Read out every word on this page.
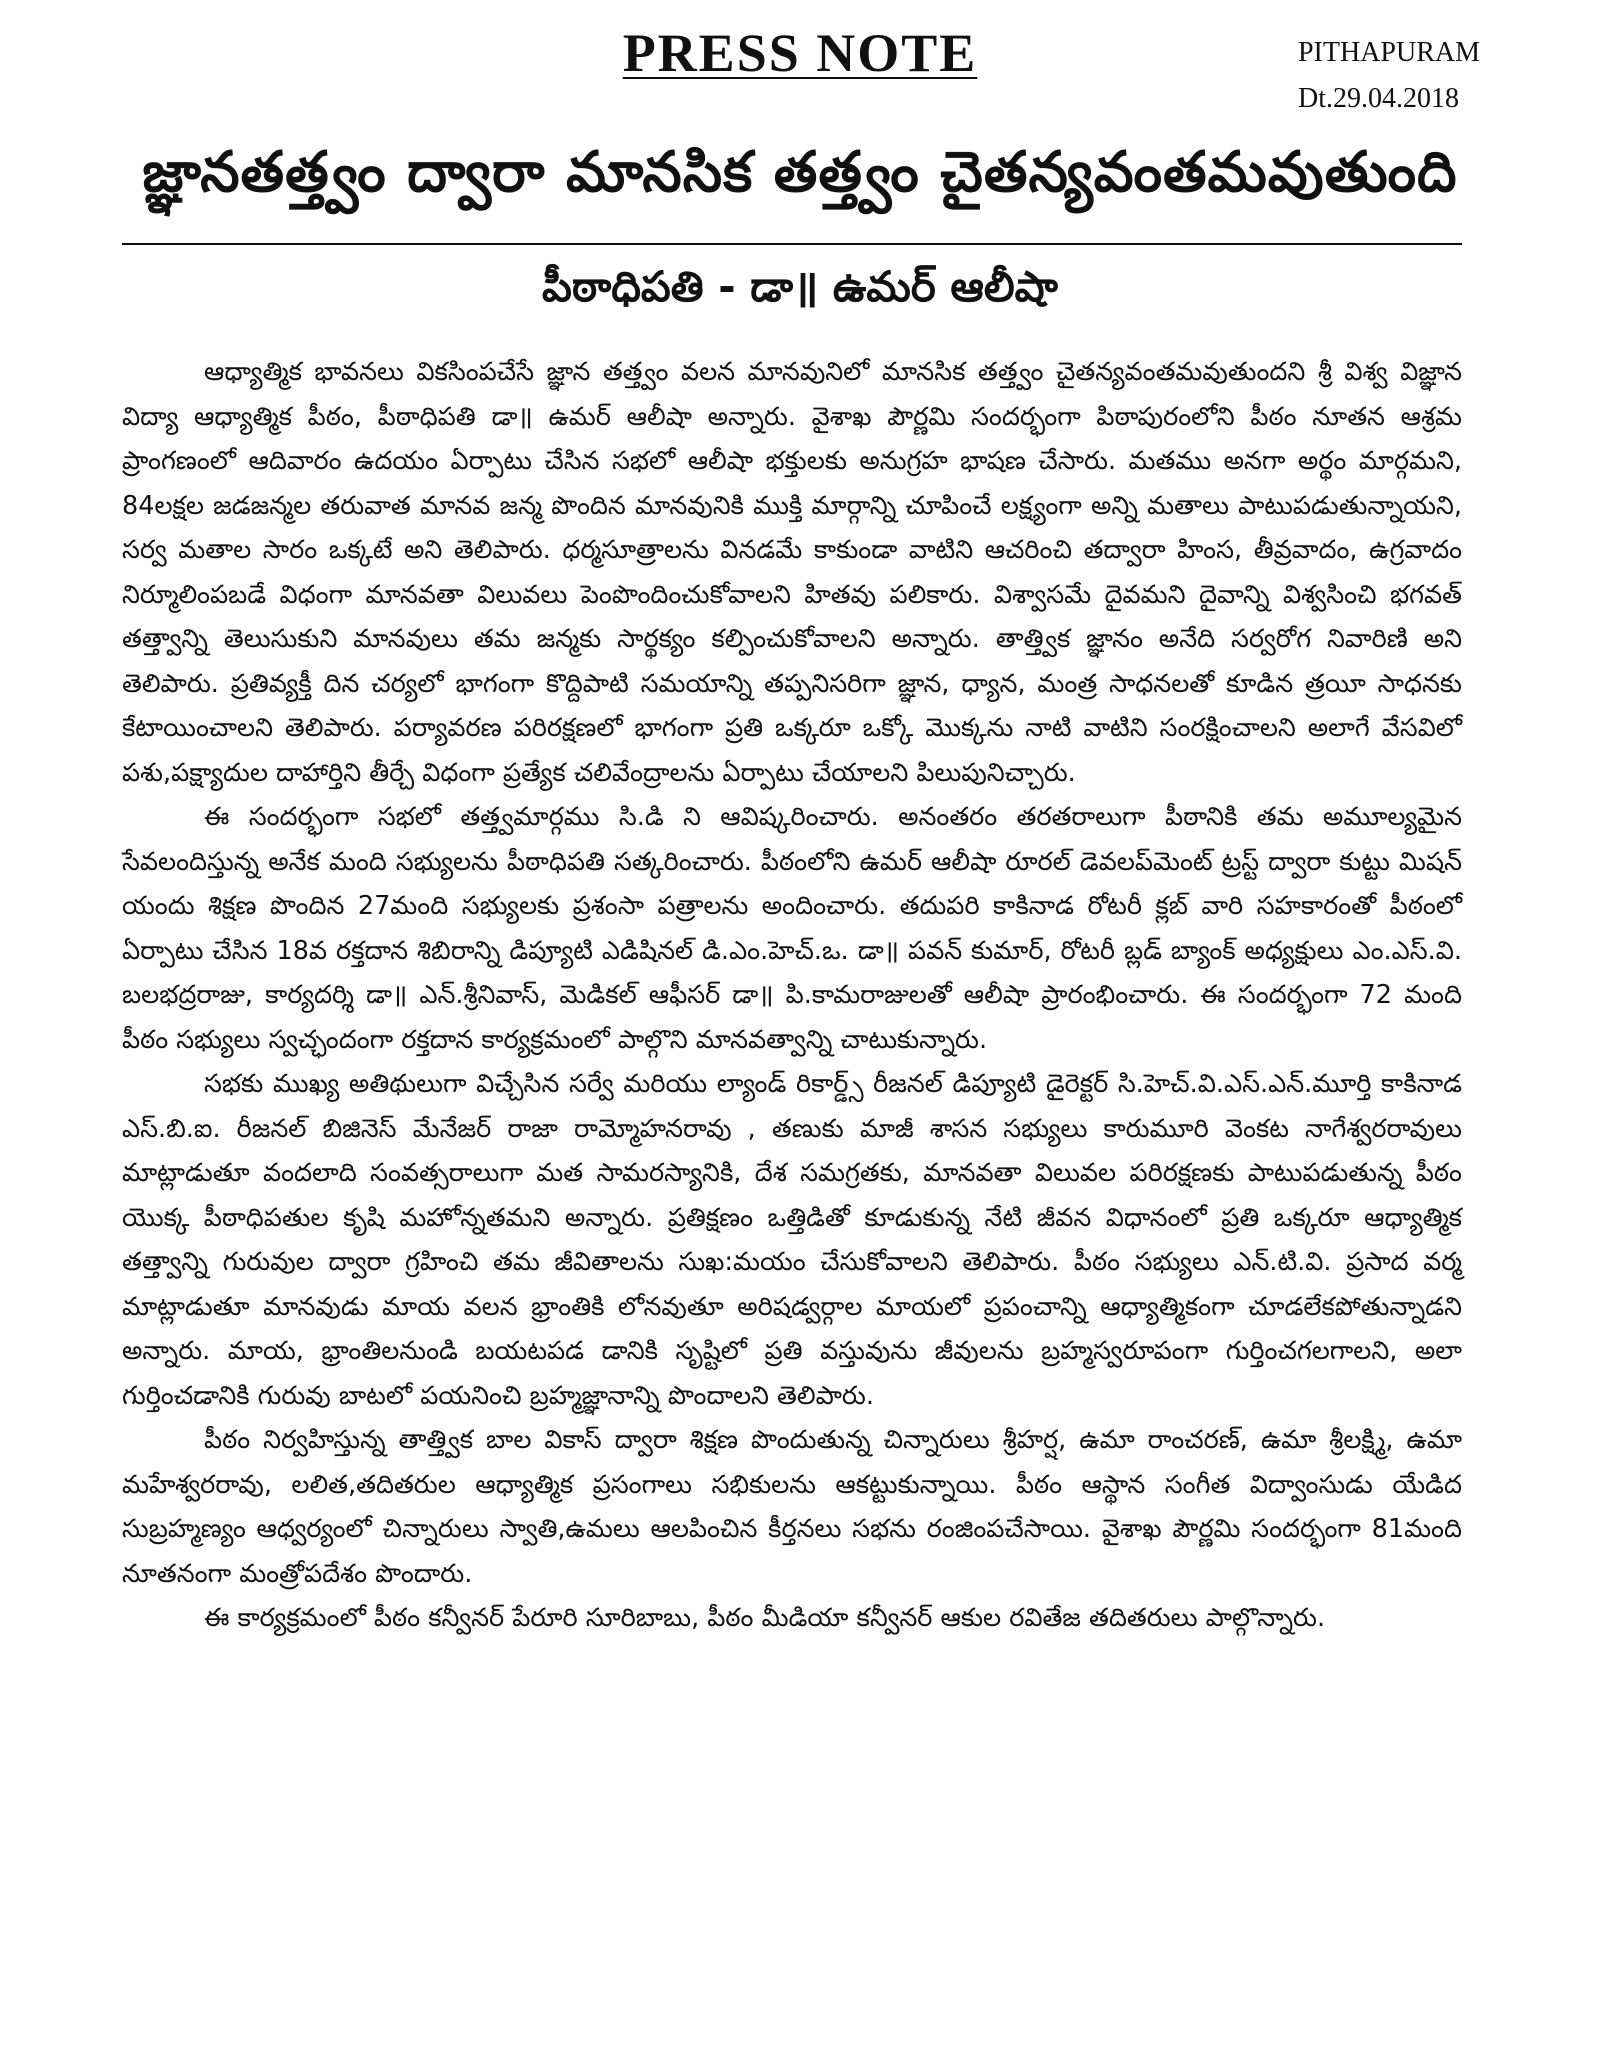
PRESS NOTE	PITHAPURAM
Dt.29.04.2018
జ్ఞానతత్త్వం ద్వారా మానసిక తత్త్వం చైతన్యవంతమవుతుంది
పీఠాధిపతి - డా॥ ఉమర్ ఆలీషా

ఆధ్యాత్మిక భావనలు వికసింపచేసే జ్ఞాన తత్త్వం వలన మానవునిలో మానసిక తత్త్వం చైతన్యవంతమవుతుందని శ్రీ విశ్వ విజ్ఞాన విద్యా ఆధ్యాత్మిక పీఠం, పీఠాధిపతి డా॥ ఉమర్ ఆలీషా అన్నారు. వైశాఖ పౌర్ణమి సందర్భంగా పిఠాపురంలోని పీఠం నూతన ఆశ్రమ ప్రాంగణంలో ఆదివారం ఉదయం ఏర్పాటు చేసిన సభలో ఆలీషా భక్తులకు అనుగ్రహ భాషణ చేసారు. మతము అనగా అర్థం మార్గమని, 84లక్షల జడజన్మల తరువాత మానవ జన్మ పొందిన మానవునికి ముక్తి మార్గాన్ని చూపించే లక్ష్యంగా అన్ని మతాలు పాటుపడుతున్నాయని, సర్వ మతాల సారం ఒక్కటే అని తెలిపారు. ధర్మసూత్రాలను వినడమే కాకుండా వాటిని ఆచరించి తద్వారా హింస, తీవ్రవాదం, ఉగ్రవాదం నిర్మూలింపబడే విధంగా మానవతా విలువలు పెంపొందించుకోవాలని హితవు పలికారు. విశ్వాసమే దైవమని దైవాన్ని విశ్వసించి భగవత్ తత్త్వాన్ని తెలుసుకుని మానవులు తమ జన్మకు సార్థక్యం కల్పించుకోవాలని అన్నారు. తాత్త్విక జ్ఞానం అనేది సర్వరోగ నివారిణి అని తెలిపారు. ప్రతివ్యక్తీ దిన చర్యలో భాగంగా కొద్దిపాటి సమయాన్ని తప్పనిసరిగా జ్ఞాన, ధ్యాన, మంత్ర సాధనలతో కూడిన త్రయీ సాధనకు కేటాయించాలని తెలిపారు. పర్యావరణ పరిరక్షణలో భాగంగా ప్రతి ఒక్కరూ ఒక్కో మొక్కను నాటి వాటిని సంరక్షించాలని అలాగే వేసవిలో పశు,పక్ష్యాదుల దాహార్తిని తీర్చే విధంగా ప్రత్యేక చలివేంద్రాలను ఏర్పాటు చేయాలని పిలుపునిచ్చారు.

ఈ సందర్భంగా సభలో తత్త్వమార్గము సి.డి ని ఆవిష్కరించారు. అనంతరం తరతరాలుగా పీఠానికి తమ అమూల్యమైన సేవలందిస్తున్న అనేక మంది సభ్యులను పీఠాధిపతి సత్కరించారు. పీఠంలోని ఉమర్ ఆలీషా రూరల్ డెవలప్‌మెంట్ ట్రస్ట్ ద్వారా కుట్టు మిషన్ యందు శిక్షణ పొందిన 27మంది సభ్యులకు ప్రశంసా పత్రాలను అందించారు. తదుపరి కాకినాడ రోటరీ క్లబ్ వారి సహకారంతో పీఠంలో ఏర్పాటు చేసిన 18వ రక్తదాన శిబిరాన్ని డిప్యూటి ఎడిషినల్ డి.ఎం.హెచ్.ఒ. డా॥ పవన్ కుమార్, రోటరీ బ్లడ్ బ్యాంక్ అధ్యక్షులు ఎం.ఎస్.వి. బలభద్రరాజు, కార్యదర్శి డా॥ ఎన్.శ్రీనివాస్, మెడికల్ ఆఫీసర్ డా॥ పి.కామరాజులతో ఆలీషా ప్రారంభించారు. ఈ సందర్భంగా 72 మంది పీఠం సభ్యులు స్వచ్ఛందంగా రక్తదాన కార్యక్రమంలో పాల్గొని మానవత్వాన్ని చాటుకున్నారు.

సభకు ముఖ్య అతిథులుగా విచ్చేసిన సర్వే మరియు ల్యాండ్ రికార్డ్స్ రీజనల్ డిప్యూటి డైరెక్టర్ సి.హెచ్.వి.ఎస్.ఎన్.మూర్తి కాకినాడ ఎస్.బి.ఐ. రీజనల్ బిజినెస్ మేనేజర్ రాజా రామ్మోహనరావు , తణుకు మాజీ శాసన సభ్యులు కారుమూరి వెంకట నాగేశ్వరరావులు మాట్లాడుతూ వందలాది సంవత్సరాలుగా మత సామరస్యానికి, దేశ సమగ్రతకు, మానవతా విలువల పరిరక్షణకు పాటుపడుతున్న పీఠం యొక్క పీఠాధిపతుల కృషి మహోన్నతమని అన్నారు. ప్రతిక్షణం ఒత్తిడితో కూడుకున్న నేటి జీవన విధానంలో ప్రతి ఒక్కరూ ఆధ్యాత్మిక తత్త్వాన్ని గురువుల ద్వారా గ్రహించి తమ జీవితాలను సుఖ:మయం చేసుకోవాలని తెలిపారు. పీఠం సభ్యులు ఎన్.టి.వి. ప్రసాద వర్మ మాట్లాడుతూ మానవుడు మాయ వలన భ్రాంతికి లోనవుతూ అరిషడ్వర్గాల మాయలో ప్రపంచాన్ని ఆధ్యాత్మికంగా చూడలేకపోతున్నాడని అన్నారు. మాయ, భ్రాంతిలనుండి బయటపడ డానికి సృష్టిలో ప్రతి వస్తువును జీవులను బ్రహ్మస్వరూపంగా గుర్తించగలగాలని, అలా గుర్తించడానికి గురువు బాటలో పయనించి బ్రహ్మజ్ఞానాన్ని పొందాలని తెలిపారు.

పీఠం నిర్వహిస్తున్న తాత్త్విక బాల వికాస్ ద్వారా శిక్షణ పొందుతున్న చిన్నారులు శ్రీహర్ష, ఉమా రాంచరణ్, ఉమా శ్రీలక్ష్మి, ఉమా మహేశ్వరరావు, లలిత,తదితరుల ఆధ్యాత్మిక ప్రసంగాలు సభికులను ఆకట్టుకున్నాయి. పీఠం ఆస్థాన సంగీత విద్వాంసుడు యేడిద సుబ్రహ్మణ్యం ఆధ్వర్యంలో చిన్నారులు స్వాతి,ఉమలు ఆలపించిన కీర్తనలు సభను రంజింపచేసాయి. వైశాఖ పౌర్ణమి సందర్భంగా 81మంది నూతనంగా మంత్రోపదేశం పొందారు.

ఈ కార్యక్రమంలో పీఠం కన్వీనర్ పేరూరి సూరిబాబు, పీఠం మీడియా కన్వీనర్ ఆకుల రవితేజ తదితరులు పాల్గొన్నారు.
